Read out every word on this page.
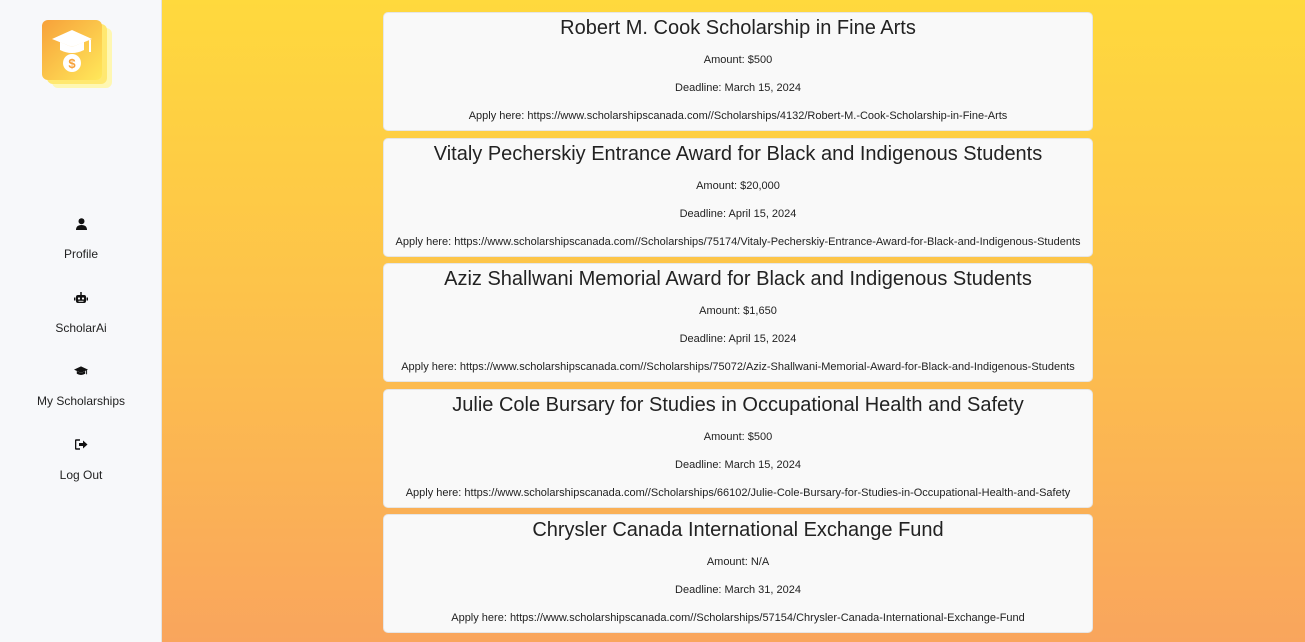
$
Profile
ScholarAi
My Scholarships
Log Out
Robert M. Cook Scholarship in Fine Arts
Amount: $500
Deadline: March 15, 2024
Apply here: https://www.scholarshipscanada.com//Scholarships/4132/Robert-M.-Cook-Scholarship-in-Fine-Arts
Vitaly Pecherskiy Entrance Award for Black and Indigenous Students
Amount: $20,000
Deadline: April 15, 2024
Apply here: https://www.scholarshipscanada.com//Scholarships/75174/Vitaly-Pecherskiy-Entrance-Award-for-Black-and-Indigenous-Students
Aziz Shallwani Memorial Award for Black and Indigenous Students
Amount: $1,650
Deadline: April 15, 2024
Apply here: https://www.scholarshipscanada.com//Scholarships/75072/Aziz-Shallwani-Memorial-Award-for-Black-and-Indigenous-Students
Julie Cole Bursary for Studies in Occupational Health and Safety
Amount: $500
Deadline: March 15, 2024
Apply here: https://www.scholarshipscanada.com//Scholarships/66102/Julie-Cole-Bursary-for-Studies-in-Occupational-Health-and-Safety
Chrysler Canada International Exchange Fund
Amount: N/A
Deadline: March 31, 2024
Apply here: https://www.scholarshipscanada.com//Scholarships/57154/Chrysler-Canada-International-Exchange-Fund
